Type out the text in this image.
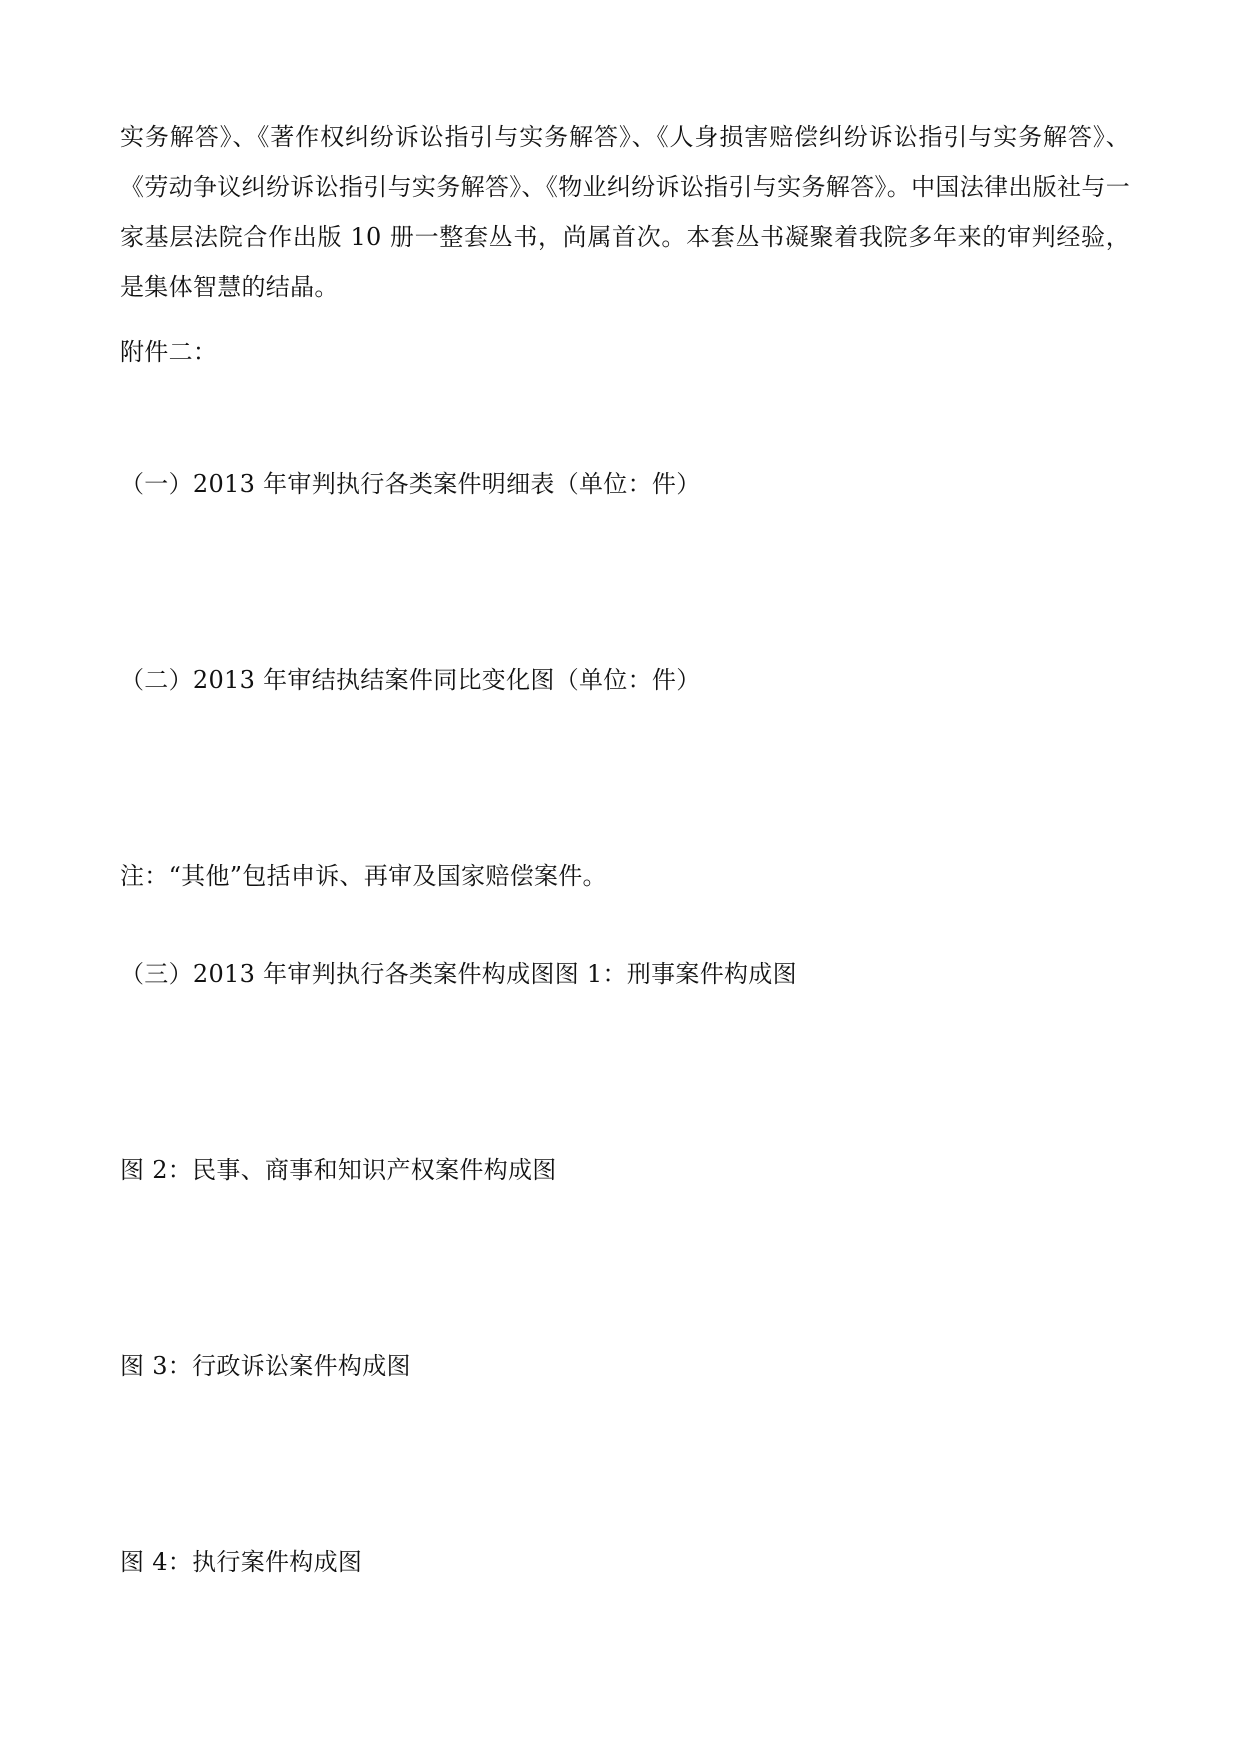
实务解答》、《著作权纠纷诉讼指引与实务解答》、《人身损害赔偿纠纷诉讼指引与实务解答》、《劳动争议纠纷诉讼指引与实务解答》、《物业纠纷诉讼指引与实务解答》。中国法律出版社与一家基层法院合作出版 10 册一整套丛书，尚属首次。本套丛书凝聚着我院多年来的审判经验，是集体智慧的结晶。

附件二：

（一）2013 年审判执行各类案件明细表（单位：件）

（二）2013 年审结执结案件同比变化图（单位：件）

注：“其他”包括申诉、再审及国家赔偿案件。

（三）2013 年审判执行各类案件构成图图 1：刑事案件构成图

图 2：民事、商事和知识产权案件构成图

图 3：行政诉讼案件构成图

图 4：执行案件构成图
